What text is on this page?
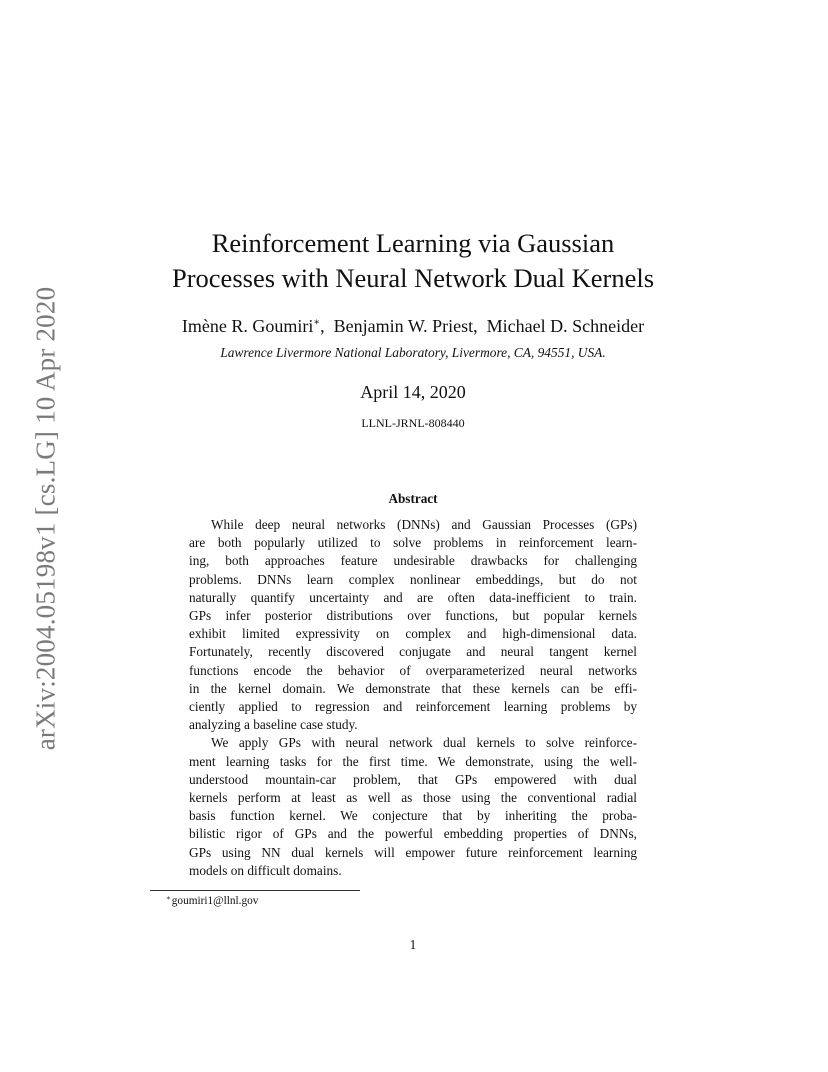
arXiv:2004.05198v1 [cs.LG] 10 Apr 2020
Reinforcement Learning via Gaussian
Processes with Neural Network Dual Kernels
Imène R. Goumiri∗,  Benjamin W. Priest,  Michael D. Schneider
Lawrence Livermore National Laboratory, Livermore, CA, 94551, USA.
April 14, 2020
LLNL-JRNL-808440
Abstract

While deep neural networks (DNNs) and Gaussian Processes (GPs)
are both popularly utilized to solve problems in reinforcement learn-
ing, both approaches feature undesirable drawbacks for challenging
problems. DNNs learn complex nonlinear embeddings, but do not
naturally quantify uncertainty and are often data-inefficient to train.
GPs infer posterior distributions over functions, but popular kernels
exhibit limited expressivity on complex and high-dimensional data.
Fortunately, recently discovered conjugate and neural tangent kernel
functions encode the behavior of overparameterized neural networks
in the kernel domain. We demonstrate that these kernels can be effi-
ciently applied to regression and reinforcement learning problems by
analyzing a baseline case study.

We apply GPs with neural network dual kernels to solve reinforce-
ment learning tasks for the first time. We demonstrate, using the well-
understood mountain-car problem, that GPs empowered with dual
kernels perform at least as well as those using the conventional radial
basis function kernel. We conjecture that by inheriting the proba-
bilistic rigor of GPs and the powerful embedding properties of DNNs,
GPs using NN dual kernels will empower future reinforcement learning
models on difficult domains.

∗goumiri1@llnl.gov
1
